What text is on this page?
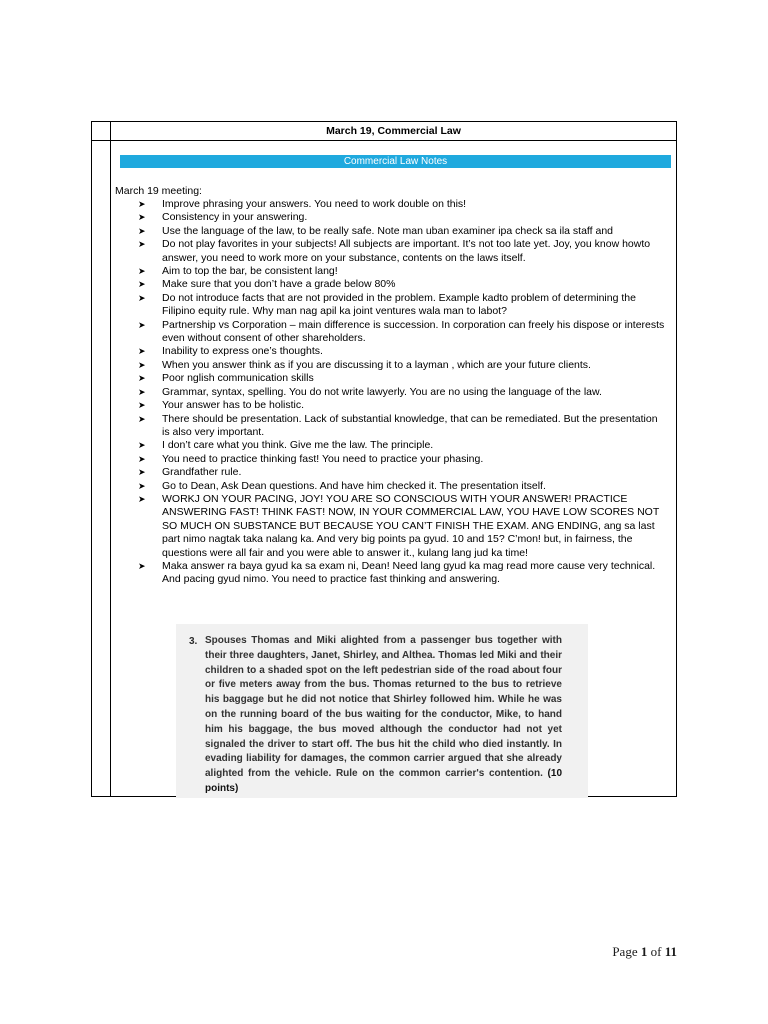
March 19, Commercial Law
Commercial Law Notes
March 19 meeting:
➤ Improve phrasing your answers. You need to work double on this!
➤ Consistency in your answering.
➤ Use the language of the law, to be really safe. Note man uban examiner ipa check sa ila staff and
➤ Do not play favorites in your subjects! All subjects are important. It’s not too late yet. Joy, you know howto answer, you need to work more on your substance, contents on the laws itself.
➤ Aim to top the bar, be consistent lang!
➤ Make sure that you don’t have a grade below 80%
➤ Do not introduce facts that are not provided in the problem. Example kadto problem of determining the Filipino equity rule. Why man nag apil ka joint ventures wala man to labot?
➤ Partnership vs Corporation – main difference is succession. In corporation can freely his dispose or interests even without consent of other shareholders.
➤ Inability to express one’s thoughts.
➤ When you answer think as if you are discussing it to a layman , which are your future clients.
➤ Poor nglish communication skills
➤ Grammar, syntax, spelling. You do not write lawyerly. You are no using the language of the law.
➤ Your answer has to be holistic.
➤ There should be presentation. Lack of substantial knowledge, that can be remediated. But the presentation is also very important.
➤ I don’t care what you think. Give me the law. The principle.
➤ You need to practice thinking fast! You need to practice your phasing.
➤ Grandfather rule.
➤ Go to Dean, Ask Dean questions. And have him checked it. The presentation itself.
➤ WORKJ ON YOUR PACING, JOY! YOU ARE SO CONSCIOUS WITH YOUR ANSWER! PRACTICE ANSWERING FAST! THINK FAST! NOW, IN YOUR COMMERCIAL LAW, YOU HAVE LOW SCORES NOT SO MUCH ON SUBSTANCE BUT BECAUSE YOU CAN’T FINISH THE EXAM. ANG ENDING, ang sa last part nimo nagtak taka nalang ka. And very big points pa gyud. 10 and 15? C’mon! but, in fairness, the questions were all fair and you were able to answer it., kulang lang jud ka time!
➤ Maka answer ra baya gyud ka sa exam ni, Dean! Need lang gyud ka mag read more cause very technical. And pacing gyud nimo. You need to practice fast thinking and answering.
3. Spouses Thomas and Miki alighted from a passenger bus together with their three daughters, Janet, Shirley, and Althea. Thomas led Miki and their children to a shaded spot on the left pedestrian side of the road about four or five meters away from the bus. Thomas returned to the bus to retrieve his baggage but he did not notice that Shirley followed him. While he was on the running board of the bus waiting for the conductor, Mike, to hand him his baggage, the bus moved although the conductor had not yet signaled the driver to start off. The bus hit the child who died instantly. In evading liability for damages, the common carrier argued that she already alighted from the vehicle. Rule on the common carrier's contention. (10 points)
Page 1 of 11
